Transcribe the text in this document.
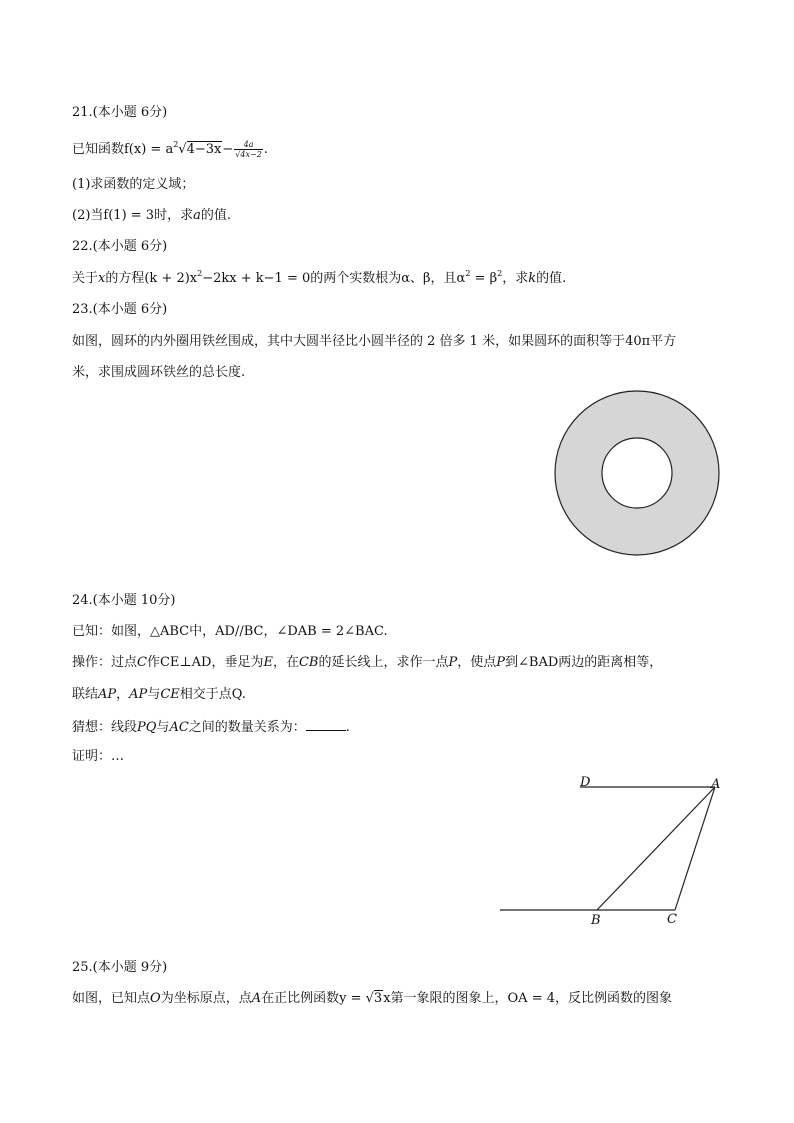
21.(本小题 6分)
已知函数$f(x) = a^2√4-3x- \frac{4a}{√4x-2}$ .
(1)求函数的定义域；
(2)当f(1) = 3时，求a的值.
22.(本小题 6分)
关于x的方程$(k + 2)x^2-2kx + k-1 = 0$的两个实数根为α、β，且$\alpha^2 = \beta^2$，求k的值.
23.(本小题 6分)
如图，圆环的内外圈用铁丝围成，其中大圆半径比小圆半径的 2 倍多 1 米，如果圆环的面积等于40π平方
米，求围成圆环铁丝的总长度.
24.(本小题 10分)
已知：如图，△ABC中，AD//BC，∠DAB = 2∠BAC.
操作：过点C作CE⊥AD，垂足为E，在CB的延长线上，求作一点P，使点P到∠BAD两边的距离相等，
联结AP，AP与CE相交于点Q.
猜想：线段PQ与AC之间的数量关系为：	.
证明：…
D	A
B	C
25.(本小题 9分)
如图，已知点O为坐标原点，点A在正比例函数y = √3x第一象限的图象上，OA = 4，反比例函数的图象
